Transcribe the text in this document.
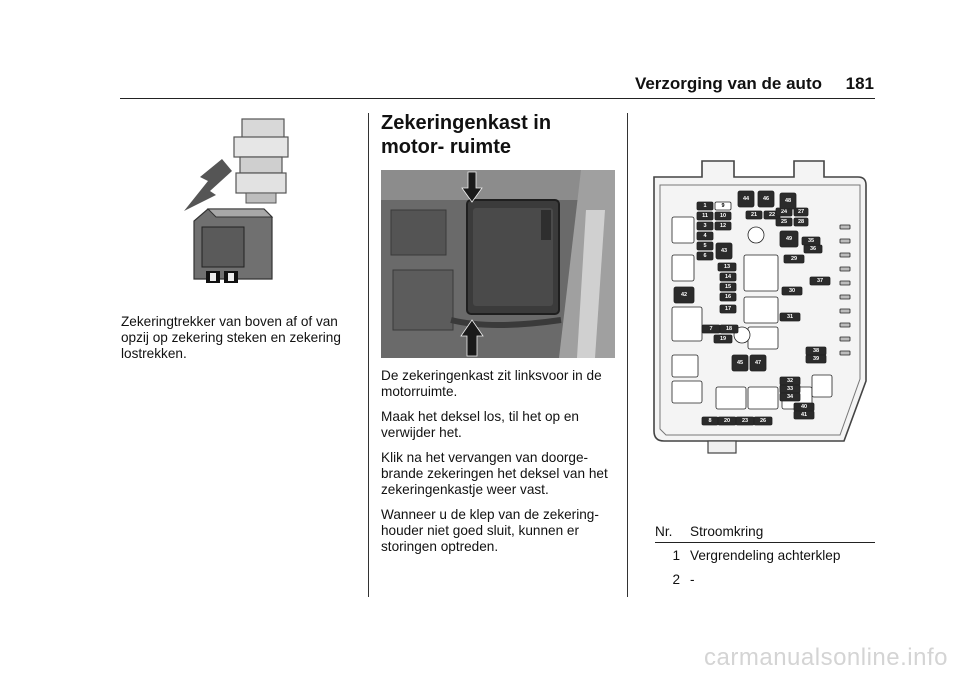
Verzorging van de auto 181
Zekeringtrekker van boven af of van opzij op zekering steken en zekering lostrekken.
Zekeringenkast in motor- ruimte

De zekeringenkast zit linksvoor in de motorruimte.

Maak het deksel los, til het op en verwijder het.

Klik na het vervangen van doorge- brande zekeringen het deksel van het zekeringenkastje weer vast.

Wanneer u de klep van de zekering- houder niet goed sluit, kunnen er storingen optreden.

1	9
10
11
3 12
4
5
6
13
14
15
16
17
7 18
19
21 22 24
25
27
28
29
30
31
36
35
37
38
39
32
33
34
40
41
8 20 23 26
44	46	48
43
42
49
45 47
Nr.	Stroomkring
1 Vergrendeling achterklep
2 -
carmanualsonline.info
